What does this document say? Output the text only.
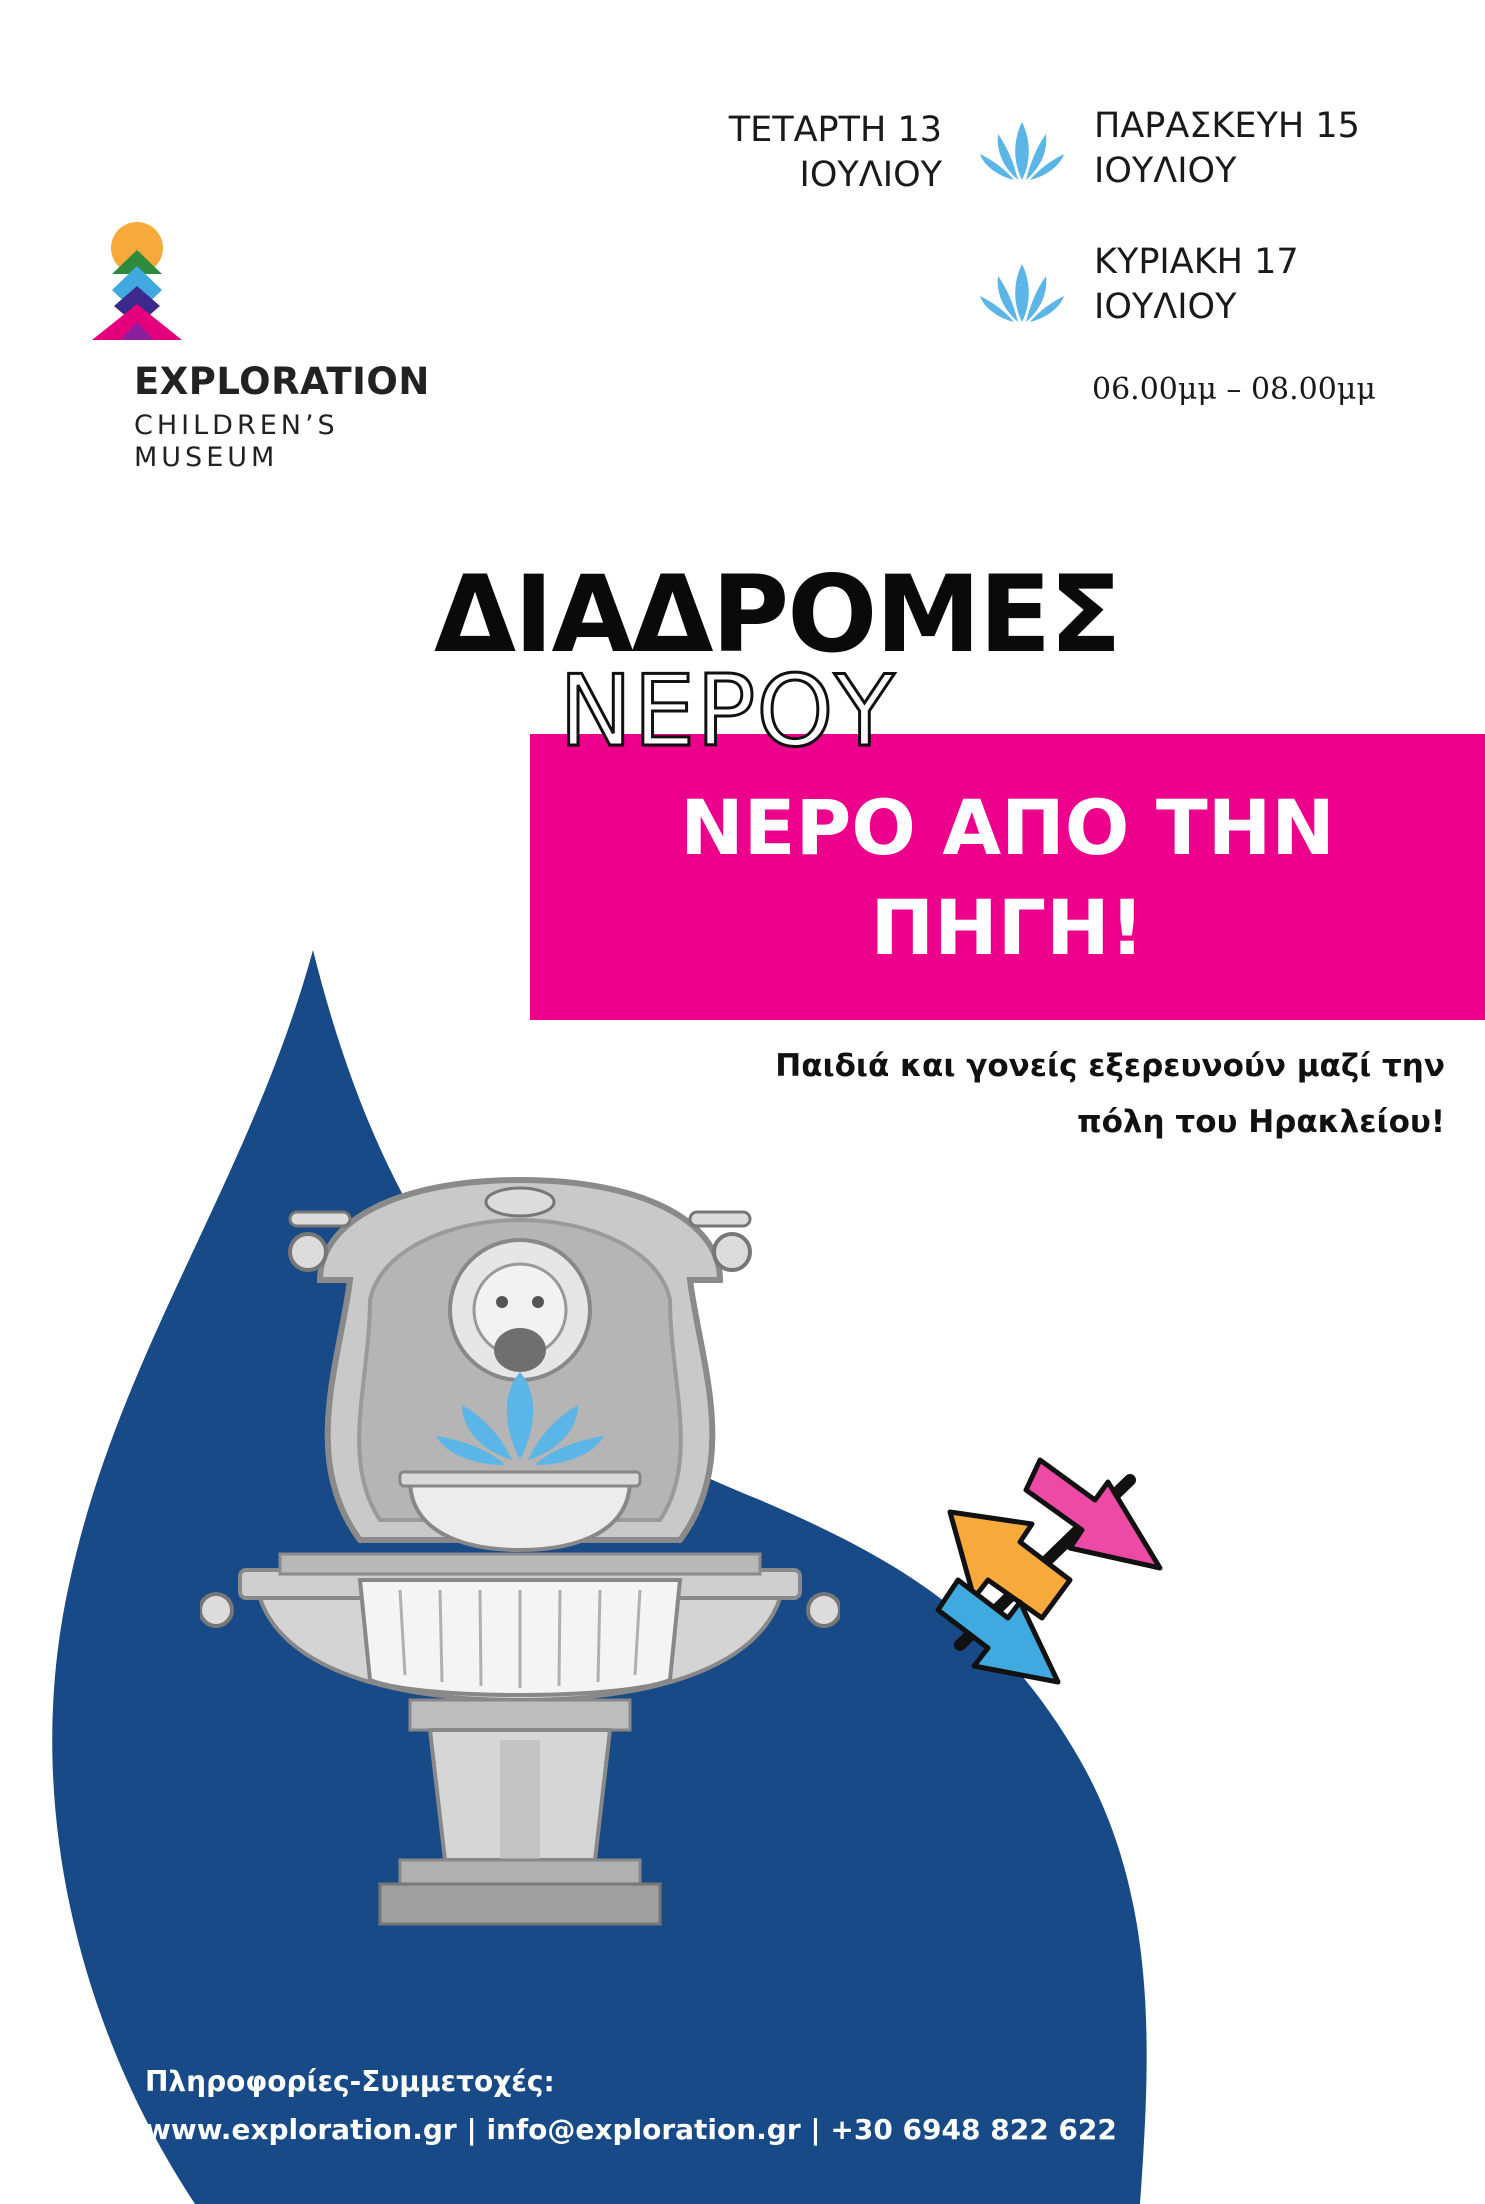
EXPLORATION
CHILDREN’S
MUSEUM
ΤΕΤΑΡΤΗ 13
ΙΟΥΛΙΟΥ
ΠΑΡΑΣΚΕΥΗ 15
ΙΟΥΛΙΟΥ
ΚΥΡΙΑΚΗ 17
ΙΟΥΛΙΟΥ
06.00μμ – 08.00μμ
ΔΙΑΔΡΟΜΕΣ
ΝΕΡΟΥ
ΝΕΡΟ ΑΠΟ ΤΗΝ ΠΗΓΗ!
Παιδιά και γονείς εξερευνούν μαζί την πόλη του Ηρακλείου!
Πληροφορίες-Συμμετοχές:
www.exploration.gr | info@exploration.gr | +30 6948 822 622
